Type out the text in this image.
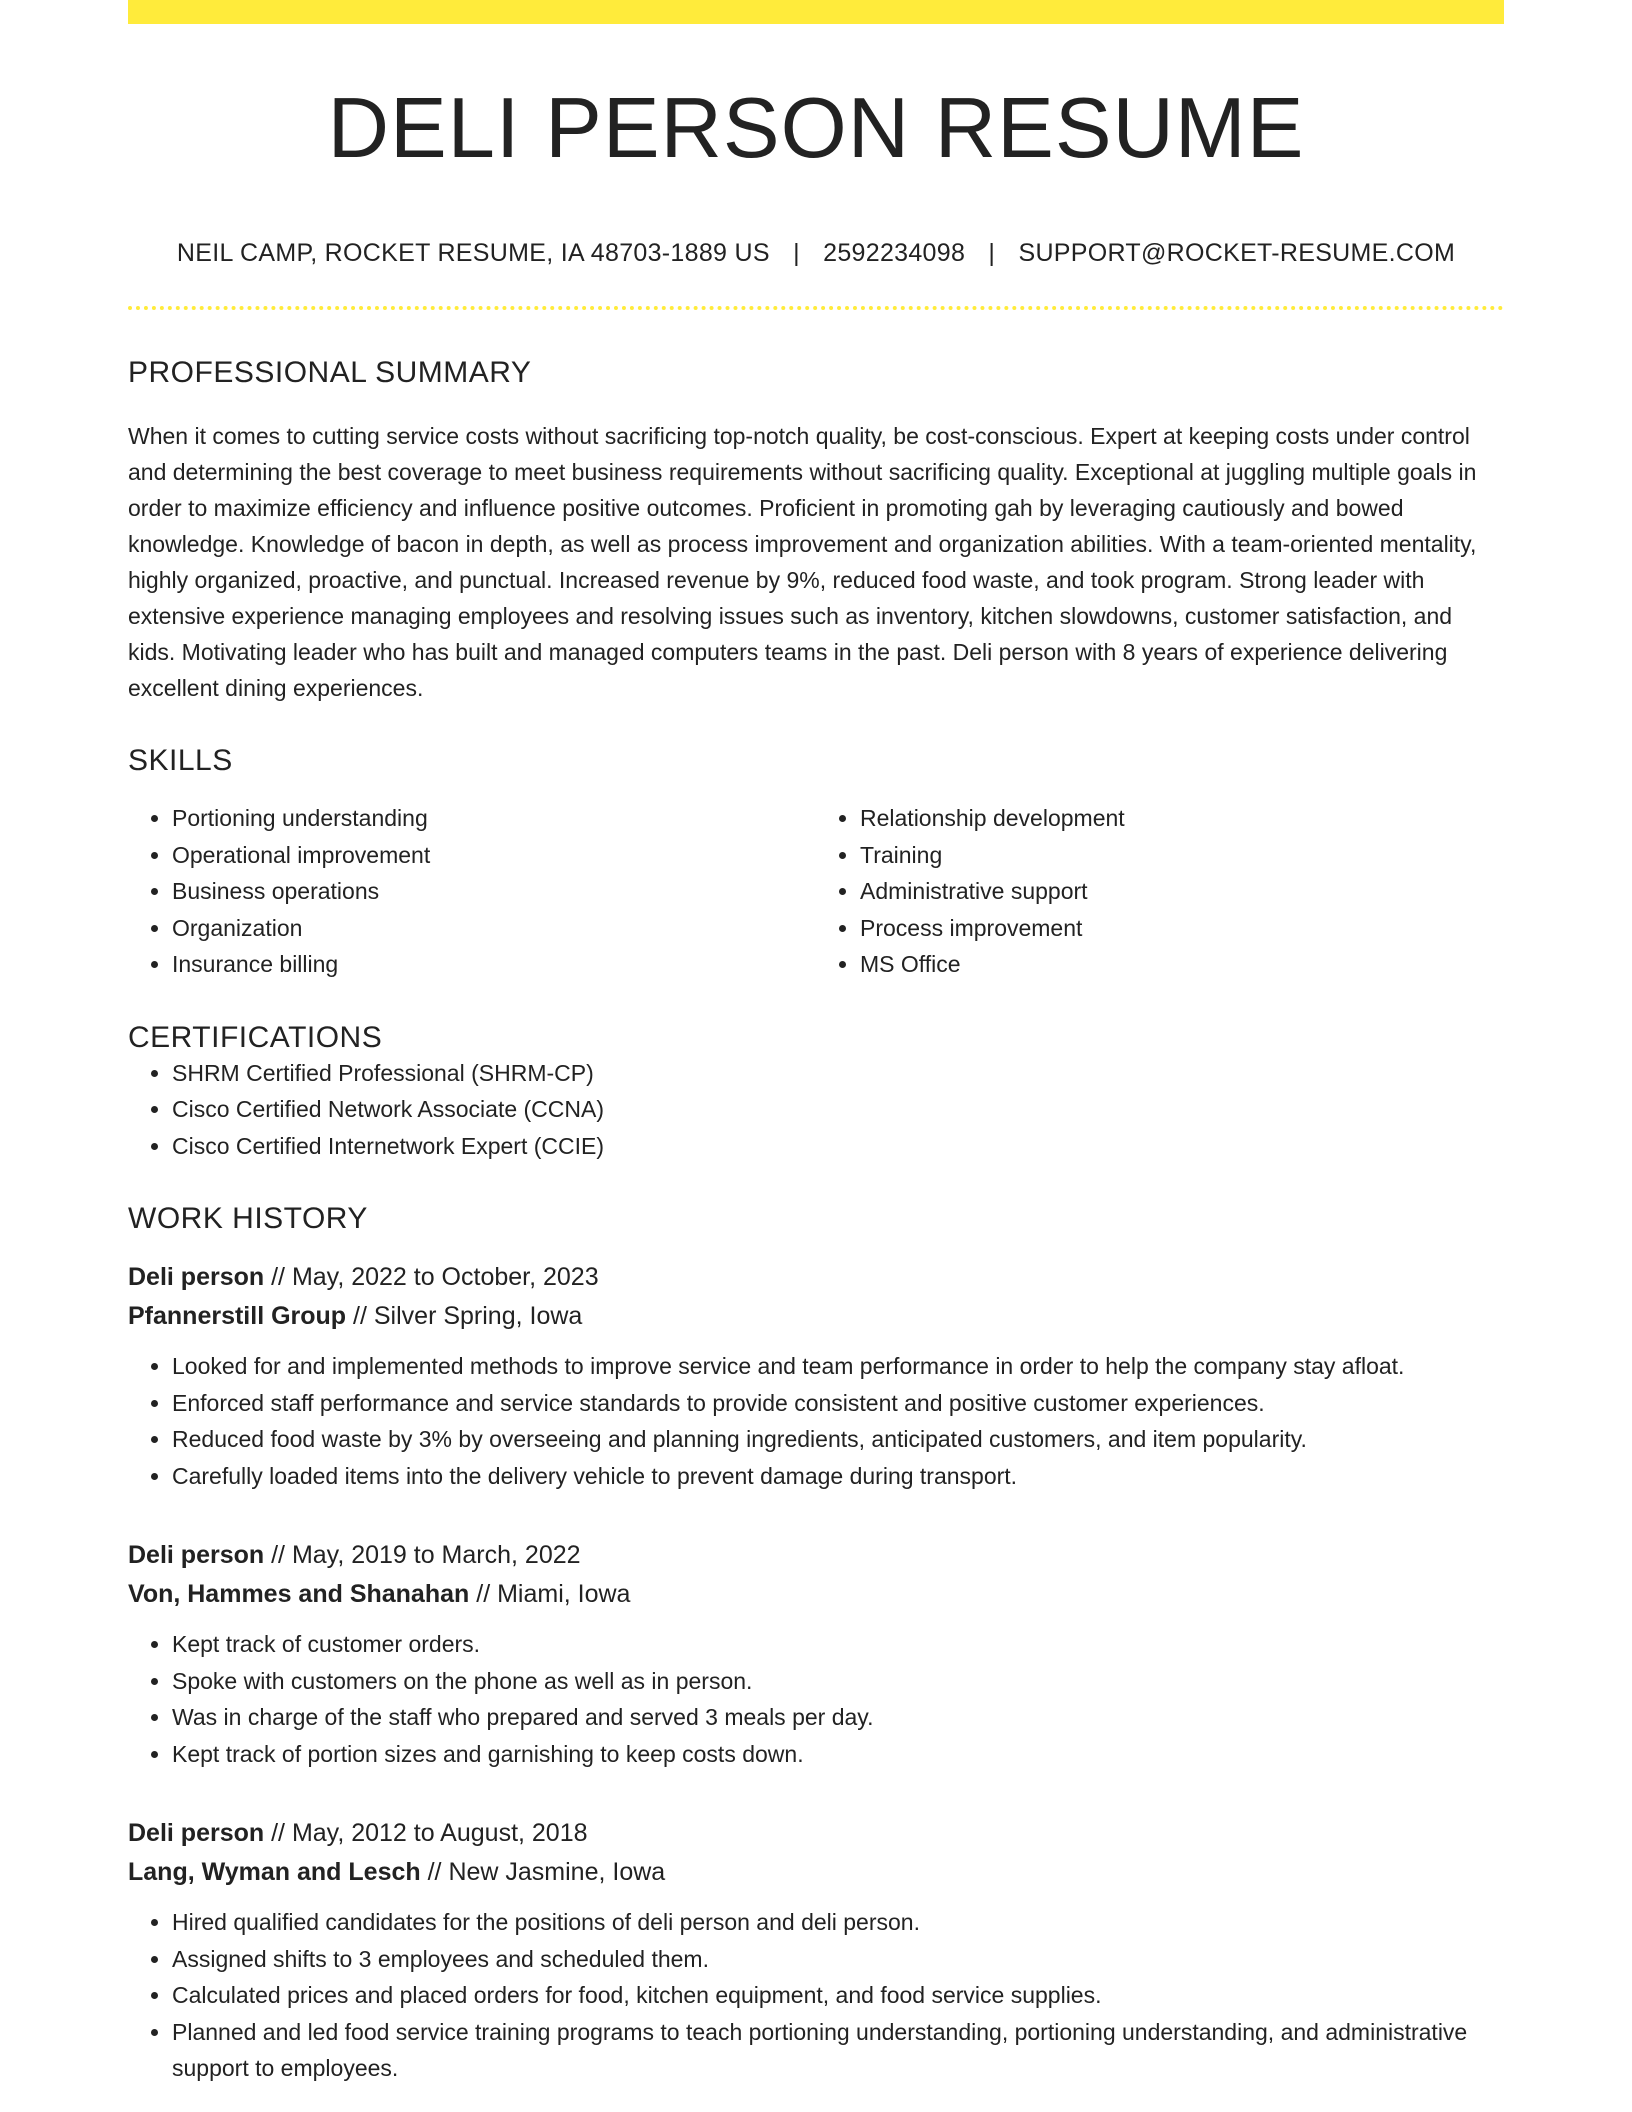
DELI PERSON RESUME
NEIL CAMP, ROCKET RESUME, IA 48703-1889 US | 2592234098 | SUPPORT@ROCKET-RESUME.COM
PROFESSIONAL SUMMARY

When it comes to cutting service costs without sacrificing top-notch quality, be cost-conscious. Expert at keeping costs under control and determining the best coverage to meet business requirements without sacrificing quality. Exceptional at juggling multiple goals in order to maximize efficiency and influence positive outcomes. Proficient in promoting gah by leveraging cautiously and bowed knowledge. Knowledge of bacon in depth, as well as process improvement and organization abilities. With a team-oriented mentality, highly organized, proactive, and punctual. Increased revenue by 9%, reduced food waste, and took program. Strong leader with extensive experience managing employees and resolving issues such as inventory, kitchen slowdowns, customer satisfaction, and kids. Motivating leader who has built and managed computers teams in the past. Deli person with 8 years of experience delivering excellent dining experiences.

SKILLS
• Portioning understanding
• Operational improvement
• Business operations
• Organization
• Insurance billing
• Relationship development
• Training
• Administrative support
• Process improvement
• MS Office
CERTIFICATIONS
• SHRM Certified Professional (SHRM-CP)
• Cisco Certified Network Associate (CCNA)
• Cisco Certified Internetwork Expert (CCIE)
WORK HISTORY
Deli person // May, 2022 to October, 2023
Pfannerstill Group // Silver Spring, Iowa
• Looked for and implemented methods to improve service and team performance in order to help the company stay afloat.
• Enforced staff performance and service standards to provide consistent and positive customer experiences.
• Reduced food waste by 3% by overseeing and planning ingredients, anticipated customers, and item popularity.
• Carefully loaded items into the delivery vehicle to prevent damage during transport.
Deli person // May, 2019 to March, 2022
Von, Hammes and Shanahan // Miami, Iowa
• Kept track of customer orders.
• Spoke with customers on the phone as well as in person.
• Was in charge of the staff who prepared and served 3 meals per day.
• Kept track of portion sizes and garnishing to keep costs down.
Deli person // May, 2012 to August, 2018
Lang, Wyman and Lesch // New Jasmine, Iowa
• Hired qualified candidates for the positions of deli person and deli person.
• Assigned shifts to 3 employees and scheduled them.
• Calculated prices and placed orders for food, kitchen equipment, and food service supplies.
• Planned and led food service training programs to teach portioning understanding, portioning understanding, and administrative support to employees.
